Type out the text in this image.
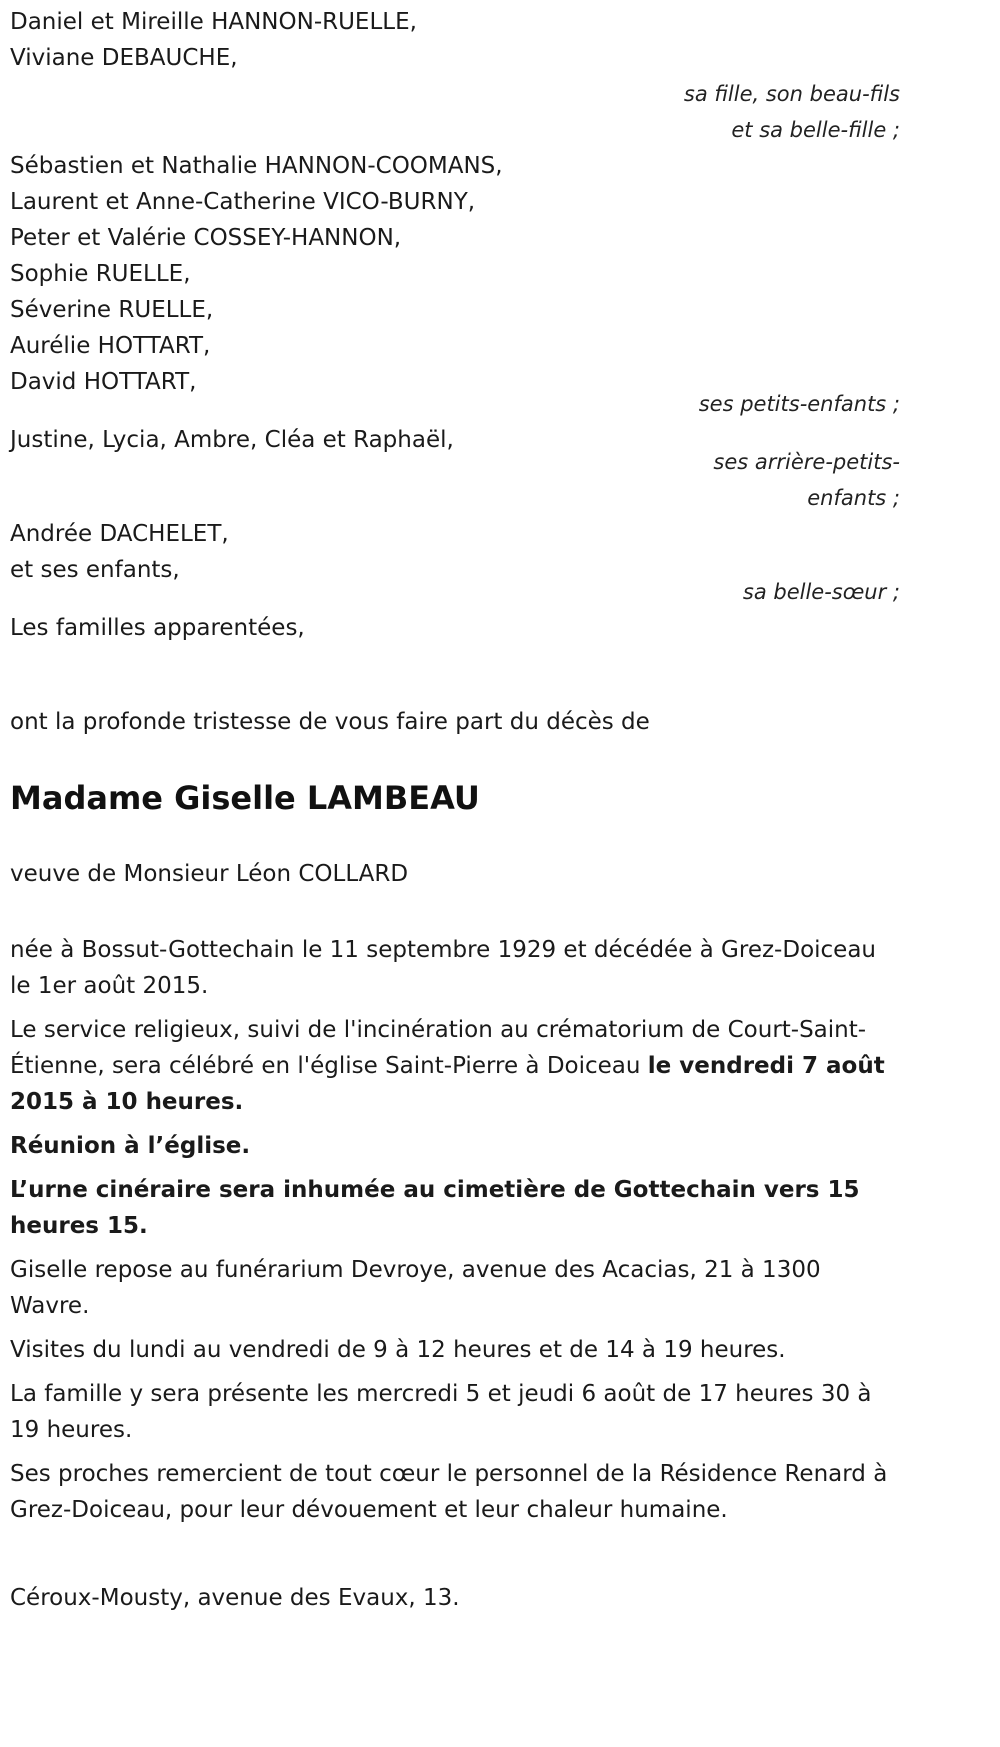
Daniel et Mireille HANNON-RUELLE,
Viviane DEBAUCHE,
sa fille, son beau-fils
et sa belle-fille ;
Sébastien et Nathalie HANNON-COOMANS,
Laurent et Anne-Catherine VICO-BURNY,
Peter et Valérie COSSEY-HANNON,
Sophie RUELLE,
Séverine RUELLE,
Aurélie HOTTART,
David HOTTART,
ses petits-enfants ;
Justine, Lycia, Ambre, Cléa et Raphaël,
ses arrière-petits-
enfants ;
Andrée DACHELET,
et ses enfants,
sa belle-sœur ;
Les familles apparentées,
ont la profonde tristesse de vous faire part du décès de
Madame Giselle LAMBEAU
veuve de Monsieur Léon COLLARD
née à Bossut-Gottechain le 11 septembre 1929 et décédée à Grez-Doiceau le 1er août 2015.
Le service religieux, suivi de l'incinération au crématorium de Court-Saint-Étienne, sera célébré en l'église Saint-Pierre à Doiceau le vendredi 7 août 2015 à 10 heures.
Réunion à l’église.
L’urne cinéraire sera inhumée au cimetière de Gottechain vers 15 heures 15.
Giselle repose au funérarium Devroye, avenue des Acacias, 21 à 1300 Wavre.
Visites du lundi au vendredi de 9 à 12 heures et de 14 à 19 heures.
La famille y sera présente les mercredi 5 et jeudi 6 août de 17 heures 30 à 19 heures.
Ses proches remercient de tout cœur le personnel de la Résidence Renard à Grez-Doiceau, pour leur dévouement et leur chaleur humaine.
Céroux-Mousty, avenue des Evaux, 13.
